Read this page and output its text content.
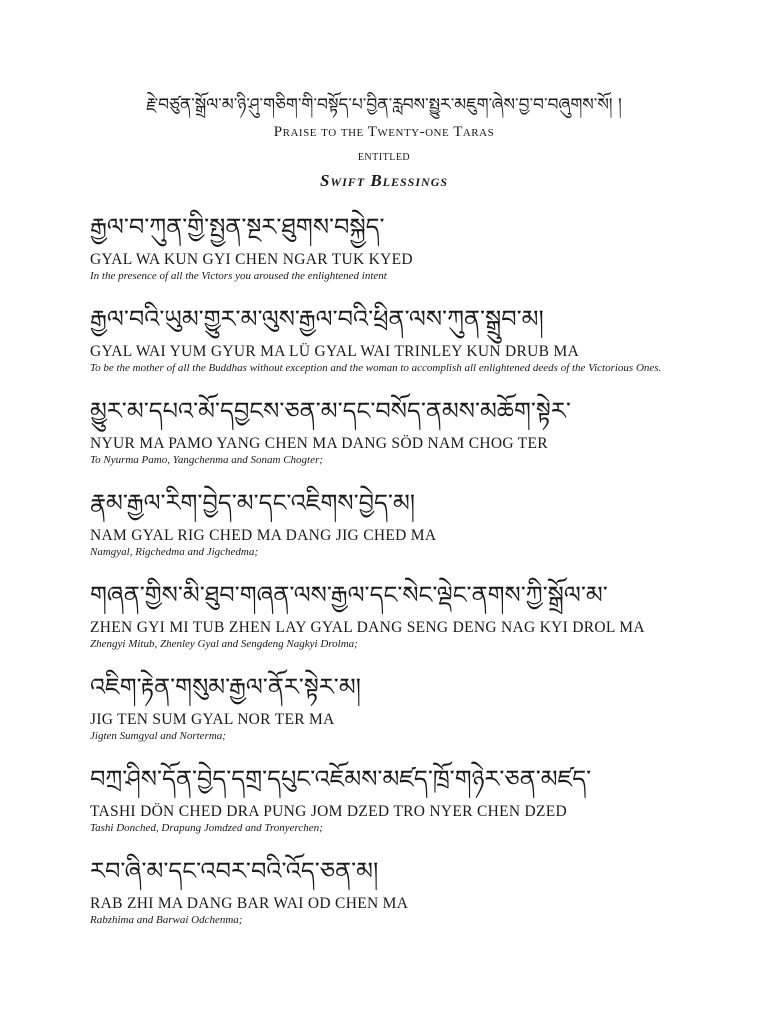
རྗེ་བཙུན་སྒྲོལ་མ་ཉི་ཤུ་གཅིག་གི་བསྟོད་པ་བྱིན་རླབས་སྤྱུར་མཇུག་ཞེས་བྱ་བ་བཞུགས་སོ། །

Praise to the Twenty-one Taras

entitled

Swift Blessings

རྒྱལ་བ་ཀུན་གྱི་སྤྱན་སྔར་ཐུགས་བསྐྱེད་

GYAL WA KUN GYI CHEN NGAR TUK KYED

In the presence of all the Victors you aroused the enlightened intent

རྒྱལ་བའི་ཡུམ་གྱུར་མ་ལུས་རྒྱལ་བའི་ཕྲིན་ལས་ཀུན་སྒྲུབ་མ།

GYAL WAI YUM GYUR MA LÜ GYAL WAI TRINLEY KUN DRUB MA

To be the mother of all the Buddhas without exception and the woman to accomplish all enlightened deeds of the Victorious Ones.

མྱུར་མ་དཔའ་མོ་དབྱངས་ཅན་མ་དང་བསོད་ནམས་མཆོག་སྟེར་

NYUR MA PAMO YANG CHEN MA DANG SÖD NAM CHOG TER

To Nyurma Pamo, Yangchenma and Sonam Chogter;

རྣམ་རྒྱལ་རིག་བྱེད་མ་དང་འཇིགས་བྱེད་མ།

NAM GYAL RIG CHED MA DANG JIG CHED MA

Namgyal, Rigchedma and Jigchedma;

གཞན་གྱིས་མི་ཐུབ་གཞན་ལས་རྒྱལ་དང་སེང་ལྡེང་ནགས་ཀྱི་སྒྲོལ་མ་

ZHEN GYI MI TUB ZHEN LAY GYAL DANG SENG DENG NAG KYI DROL MA

Zhengyi Mitub, Zhenley Gyal and Sengdeng Nagkyi Drolma;

འཇིག་རྟེན་གསུམ་རྒྱལ་ནོར་སྟེར་མ།

JIG TEN SUM GYAL NOR TER MA

Jigten Sumgyal and Norterma;

བཀྲ་ཤིས་དོན་བྱེད་དགྲ་དཔུང་འཇོམས་མཛད་ཁྲོ་གཉེར་ཅན་མཛད་

TASHI DÖN CHED DRA PUNG JOM DZED TRO NYER CHEN DZED

Tashi Donched, Drapung Jomdzed and Tronyerchen;

རབ་ཞི་མ་དང་འབར་བའི་འོད་ཅན་མ།

RAB ZHI MA DANG BAR WAI OD CHEN MA

Rabzhima and Barwai Odchenma;
